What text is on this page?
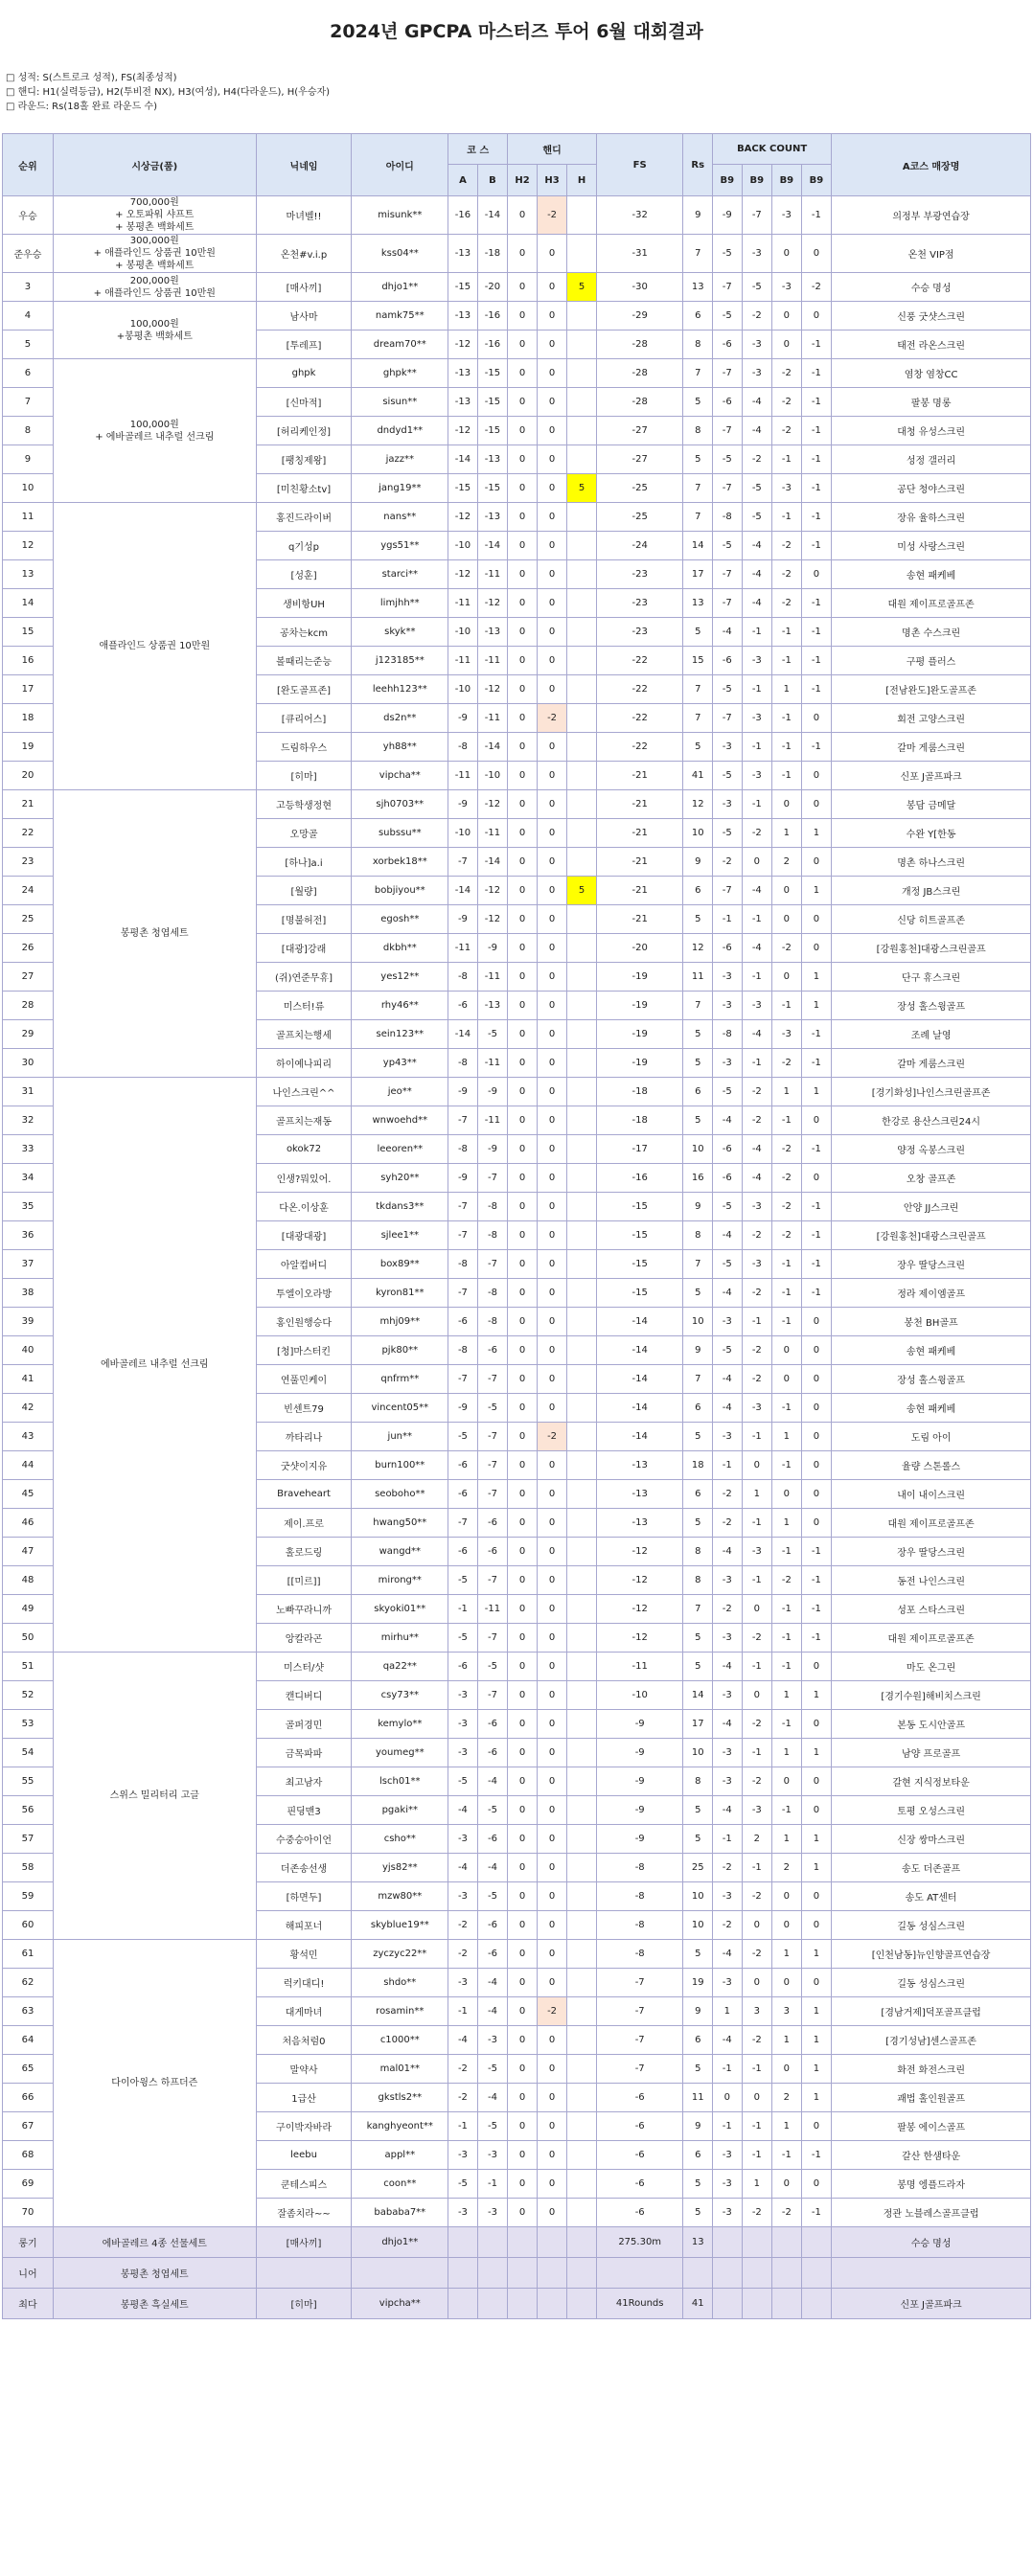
2024년 GPCPA 마스터즈 투어 6월 대회결과
□ 성적: S(스트로크 성적), FS(최종성적)
□ 핸디: H1(실력등급), H2(투비전 NX), H3(여성), H4(다라운드), H(우승자)
□ 라운드: Rs(18홀 완료 라운드 수)
순위	시상금(품)	닉네임	아이디	코 스		핸디			FS	Rs	BACK COUNT				A코스 매장명
				A	B	H2	H3	H			B9	B9	B9	B9	
우승	700,000원
+ 오토파워 샤프트
+ 봉평촌 백화세트	마녀벨!!	misunk**	-16	-14	0	-2		-32	9	-9	-7	-3	-1	의정부 부광연습장
준우승	300,000원
+ 애플라인드 상품권 10만원
+ 봉평촌 백화세트	온천#v.i.p	kss04**	-13	-18	0	0		-31	7	-5	-3	0	0	온천 VIP점
3	200,000원
+ 애플라인드 상품권 10만원	[매사끼]	dhjo1**	-15	-20	0	0	5	-30	13	-7	-5	-3	-2	수승 명성
4	100,000원
+봉평촌 백화세트	남사마	namk75**	-13	-16	0	0		-29	6	-5	-2	0	0	신풍 굿샷스크린
5		[투레프]	dream70**	-12	-16	0	0		-28	8	-6	-3	0	-1	태전 라온스크린
6	100,000원
+ 에바골레르 내추럴 선크림	ghpk	ghpk**	-13	-15	0	0		-28	7	-7	-3	-2	-1	염창 염창CC
7		[신마적]	sisun**	-13	-15	0	0		-28	5	-6	-4	-2	-1	팔봉 명롱
8		[허리케인정]	dndyd1**	-12	-15	0	0		-27	8	-7	-4	-2	-1	대청 유성스크린
9		[팽칭제왕]	jazz**	-14	-13	0	0		-27	5	-5	-2	-1	-1	성정 갤러리
10		[미친황소tv]	jang19**	-15	-15	0	0	5	-25	7	-7	-5	-3	-1	공단 청야스크린
11	애플라인드 상품권 10만원	홍진드라이버	nans**	-12	-13	0	0		-25	7	-8	-5	-1	-1	장유 율하스크린
12		q기성p	ygs51**	-10	-14	0	0		-24	14	-5	-4	-2	-1	미성 사랑스크린
13		[성훈]	starci**	-12	-11	0	0		-23	17	-7	-4	-2	0	송현 패케베
14		생비항UH	limjhh**	-11	-12	0	0		-23	13	-7	-4	-2	-1	대원 제이프로골프존
15		공차는kcm	skyk**	-10	-13	0	0		-23	5	-4	-1	-1	-1	명촌 수스크린
16		볼때리는준능	j123185**	-11	-11	0	0		-22	15	-6	-3	-1	-1	구평 플러스
17		[완도골프존]	leehh123**	-10	-12	0	0		-22	7	-5	-1	1	-1	[전남완도]완도골프존
18		[큐리어스]	ds2n**	-9	-11	0	-2		-22	7	-7	-3	-1	0	회전 고양스크린
19		드림하우스	yh88**	-8	-14	0	0		-22	5	-3	-1	-1	-1	갈마 게룸스크린
20		[히마]	vipcha**	-11	-10	0	0		-21	41	-5	-3	-1	0	신포 J골프파크
21	봉평촌 청엽세트	고등학생정현	sjh0703**	-9	-12	0	0		-21	12	-3	-1	0	0	봉담 금메달
22		오망골	subssu**	-10	-11	0	0		-21	10	-5	-2	1	1	수완 Y[한동
23		[하나]a.i	xorbek18**	-7	-14	0	0		-21	9	-2	0	2	0	명촌 하나스크린
24		[월량]	bobjiyou**	-14	-12	0	0	5	-21	6	-7	-4	0	1	개정 JB스크린
25		[명불허전]	egosh**	-9	-12	0	0		-21	5	-1	-1	0	0	신당 히트골프존
26		[대광]강래	dkbh**	-11	-9	0	0		-20	12	-6	-4	-2	0	[강원홍천]대광스크린골프
27		(쥐)연준무휴]	yes12**	-8	-11	0	0		-19	11	-3	-1	0	1	단구 휴스크린
28		미스터!류	rhy46**	-6	-13	0	0		-19	7	-3	-3	-1	1	장성 홀스윙골프
29		골프치는행세	sein123**	-14	-5	0	0		-19	5	-8	-4	-3	-1	조례 날영
30		하이예나피리	yp43**	-8	-11	0	0		-19	5	-3	-1	-2	-1	갈마 게룸스크린
31	에바골레르 내추럴 선크림	나인스크린^^	jeo**	-9	-9	0	0		-18	6	-5	-2	1	1	[경기화성]나인스크린골프존
32		골프치는재동	wnwoehd**	-7	-11	0	0		-18	5	-4	-2	-1	0	한강로 용산스크린24시
33		okok72	leeoren**	-8	-9	0	0		-17	10	-6	-4	-2	-1	양정 옥봉스크린
34		인생?뭐있어.	syh20**	-9	-7	0	0		-16	16	-6	-4	-2	0	오창 골프존
35		다온.이상훈	tkdans3**	-7	-8	0	0		-15	9	-5	-3	-2	-1	안양 JJ스크린
36		[대광대광]	sjlee1**	-7	-8	0	0		-15	8	-4	-2	-2	-1	[강원홍천]대광스크린골프
37		아알컵버디	box89**	-8	-7	0	0		-15	7	-5	-3	-1	-1	장우 딸당스크린
38		투엘이오라방	kyron81**	-7	-8	0	0		-15	5	-4	-2	-1	-1	정라 제이엠골프
39		홍인원행승다	mhj09**	-6	-8	0	0		-14	10	-3	-1	-1	0	봉천 BH골프
40		[청]마스터킨	pjk80**	-8	-6	0	0		-14	9	-5	-2	0	0	송현 패케베
41		연풀민케이	qnfrm**	-7	-7	0	0		-14	7	-4	-2	0	0	장성 홀스윙골프
42		빈센트79	vincent05**	-9	-5	0	0		-14	6	-4	-3	-1	0	송현 패케베
43		까타리나	jun**	-5	-7	0	-2		-14	5	-3	-1	1	0	도림 아이
44		굿샷이지유	burn100**	-6	-7	0	0		-13	18	-1	0	-1	0	율량 스톤롤스
45		Braveheart	seoboho**	-6	-7	0	0		-13	6	-2	1	0	0	내이 내이스크린
46		제이.프로	hwang50**	-7	-6	0	0		-13	5	-2	-1	1	0	대원 제이프로골프존
47		홀로드링	wangd**	-6	-6	0	0		-12	8	-4	-3	-1	-1	장우 딸당스크린
48		[[미르]]	mirong**	-5	-7	0	0		-12	8	-3	-1	-2	-1	동전 나인스크린
49		노빠꾸라니까	skyoki01**	-1	-11	0	0		-12	7	-2	0	-1	-1	성포 스타스크린
50		앙칼라곤	mirhu**	-5	-7	0	0		-12	5	-3	-2	-1	-1	대원 제이프로골프존
51	스위스 밀리터리 고글	미스터/샷	qa22**	-6	-5	0	0		-11	5	-4	-1	-1	0	마도 온그린
52		캔디버디	csy73**	-3	-7	0	0		-10	14	-3	0	1	1	[경기수원]해비치스크린
53		골퍼경민	kemylo**	-3	-6	0	0		-9	17	-4	-2	-1	0	본동 도시안골프
54		금목파파	youmeg**	-3	-6	0	0		-9	10	-3	-1	1	1	남양 프로골프
55		최고남자	lsch01**	-5	-4	0	0		-9	8	-3	-2	0	0	갈현 지식정보타운
56		핀딩맨3	pgaki**	-4	-5	0	0		-9	5	-4	-3	-1	0	토평 오성스크린
57		수중승아이언	csho**	-3	-6	0	0		-9	5	-1	2	1	1	신장 쌍마스크린
58		더존송선생	yjs82**	-4	-4	0	0		-8	25	-2	-1	2	1	송도 더존골프
59		[하면두]	mzw80**	-3	-5	0	0		-8	10	-3	-2	0	0	송도 AT센터
60		해피포너	skyblue19**	-2	-6	0	0		-8	10	-2	0	0	0	길동 성심스크린
61	다이아윙스 하프더즌	황석민	zyczyc22**	-2	-6	0	0		-8	5	-4	-2	1	1	[인천남동]뉴인향골프연습장
62		럭키대디!	shdo**	-3	-4	0	0		-7	19	-3	0	0	0	길동 성심스크린
63		대게마녀	rosamin**	-1	-4	0	-2		-7	9	1	3	3	1	[경남거제]덕포골프클럽
64		처음처럼0	c1000**	-4	-3	0	0		-7	6	-4	-2	1	1	[경기성남]센스골프존
65		말약사	mal01**	-2	-5	0	0		-7	5	-1	-1	0	1	화전 화전스크린
66		1급산	gkstls2**	-2	-4	0	0		-6	11	0	0	2	1	괘법 홀인원골프
67		구이박자바라	kanghyeont**	-1	-5	0	0		-6	9	-1	-1	1	0	팔봉 에이스골프
68		leebu	appl**	-3	-3	0	0		-6	6	-3	-1	-1	-1	갈산 한샘타운
69		쿤테스피스	coon**	-5	-1	0	0		-6	5	-3	1	0	0	봉명 엥플드라자
70		잘좀치라~~	bababa7**	-3	-3	0	0		-6	5	-3	-2	-2	-1	정관 노블레스골프클럽
롱기	에바골레르 4종 선물세트	[매사끼]	dhjo1**						275.30m	13					수승 명성
니어	봉평촌 청엽세트														
최다	봉평촌 흑실세트	[히마]	vipcha**						41Rounds	41					신포 J골프파크
